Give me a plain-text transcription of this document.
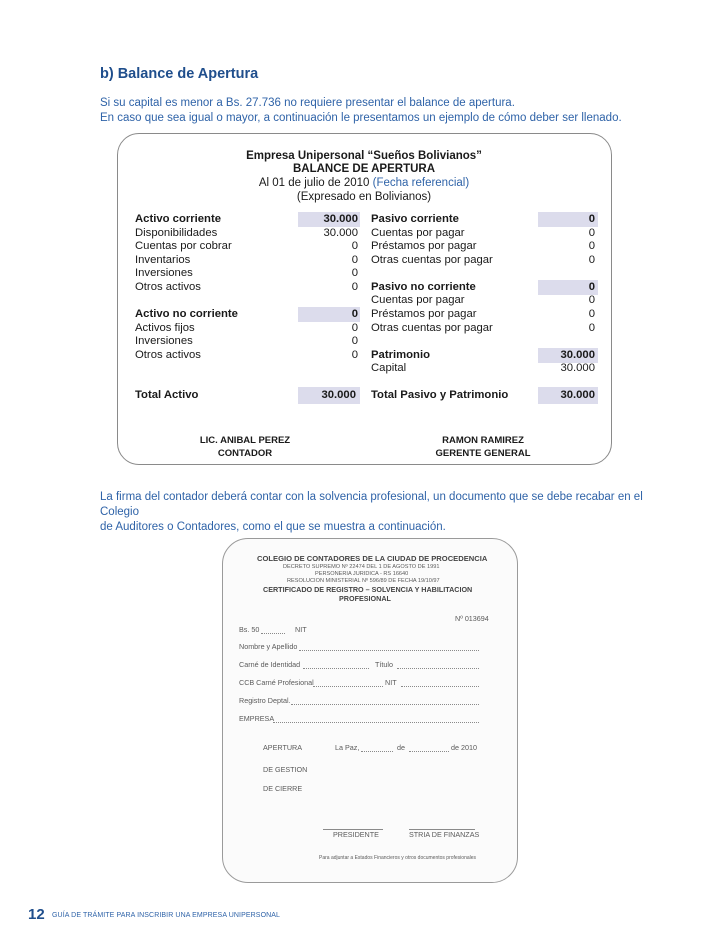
b) Balance de Apertura
Si su capital es menor a Bs. 27.736 no requiere presentar el balance de apertura.
En caso que sea igual o mayor, a continuación le presentamos un ejemplo de cómo deber ser llenado.
Empresa Unipersonal “Sueños Bolivianos”
BALANCE DE APERTURA
Al 01 de julio de 2010 (Fecha referencial)
(Expresado en Bolivianos)
Activo corriente	30.000
Disponibilidades	30.000
Cuentas por cobrar	0
Inventarios	0
Inversiones	0
Otros activos	0
Activo no corriente	0
Activos fijos	0
Inversiones	0
Otros activos	0
Pasivo corriente	0
Cuentas por pagar	0
Préstamos por pagar	0
Otras cuentas por pagar	0
Pasivo no corriente	0
Cuentas por pagar	0
Préstamos por pagar	0
Otras cuentas por pagar	0
Patrimonio	30.000
Capital	30.000
Total Activo	30.000 Total Pasivo y Patrimonio	30.000
LIC. ANIBAL PEREZ
CONTADOR
RAMON RAMIREZ
GERENTE GENERAL
La firma del contador deberá contar con la solvencia profesional, un documento que se debe recabar en el Colegio
de Auditores o Contadores, como el que se muestra a continuación.
COLEGIO DE CONTADORES DE LA CIUDAD DE PROCEDENCIA
DECRETO SUPREMO Nº 22474 DEL 1 DE AGOSTO DE 1991
PERSONERIA JURIDICA - RS 16640
RESOLUCION MINISTERIAL Nº 596/89 DE FECHA 19/10/97
CERTIFICADO DE REGISTRO – SOLVENCIA Y HABILITACION
PROFESIONAL
Nº 013694
Bs. 50	NIT
Nombre y Apellido
Carné de Identidad	Título
CCB Carné Profesional	NIT
Registro Deptal.
EMPRESA
APERTURA	La Paz,	de	de 2010
DE GESTION
DE CIERRE
PRESIDENTE	STRIA DE FINANZAS
Para adjuntar a Estados Financieros y otros documentos profesionales
12 GUÍA DE TRÁMITE PARA INSCRIBIR UNA EMPRESA UNIPERSONAL
